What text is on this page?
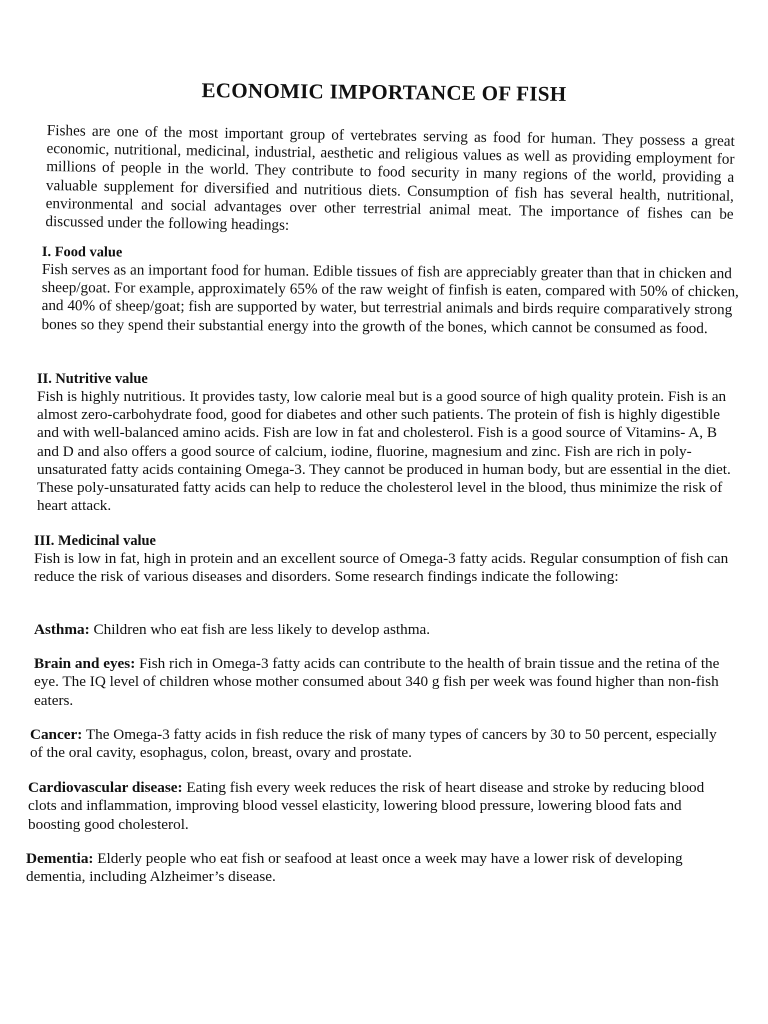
ECONOMIC IMPORTANCE OF FISH

Fishes are one of the most important group of vertebrates serving as food for human. They possess a great economic, nutritional, medicinal, industrial, aesthetic and religious values as well as providing employment for millions of people in the world. They contribute to food security in many regions of the world, providing a valuable supplement for diversified and nutritious diets. Consumption of fish has several health, nutritional, environmental and social advantages over other terrestrial animal meat. The importance of fishes can be discussed under the following headings:

I. Food value

Fish serves as an important food for human. Edible tissues of fish are appreciably greater than that in chicken and sheep/goat. For example, approximately 65% of the raw weight of finfish is eaten, compared with 50% of chicken, and 40% of sheep/goat; fish are supported by water, but terrestrial animals and birds require comparatively strong bones so they spend their substantial energy into the growth of the bones, which cannot be consumed as food.

II. Nutritive value

Fish is highly nutritious. It provides tasty, low calorie meal but is a good source of high quality protein. Fish is an almost zero-carbohydrate food, good for diabetes and other such patients. The protein of fish is highly digestible and with well-balanced amino acids. Fish are low in fat and cholesterol. Fish is a good source of Vitamins- A, B and D and also offers a good source of calcium, iodine, fluorine, magnesium and zinc. Fish are rich in poly-unsaturated fatty acids containing Omega-3. They cannot be produced in human body, but are essential in the diet. These poly-unsaturated fatty acids can help to reduce the cholesterol level in the blood, thus minimize the risk of heart attack.

III. Medicinal value

Fish is low in fat, high in protein and an excellent source of Omega-3 fatty acids. Regular consumption of fish can reduce the risk of various diseases and disorders. Some research findings indicate the following:

Asthma: Children who eat fish are less likely to develop asthma.

Brain and eyes: Fish rich in Omega-3 fatty acids can contribute to the health of brain tissue and the retina of the eye. The IQ level of children whose mother consumed about 340 g fish per week was found higher than non-fish eaters.

Cancer: The Omega-3 fatty acids in fish reduce the risk of many types of cancers by 30 to 50 percent, especially of the oral cavity, esophagus, colon, breast, ovary and prostate.

Cardiovascular disease: Eating fish every week reduces the risk of heart disease and stroke by reducing blood clots and inflammation, improving blood vessel elasticity, lowering blood pressure, lowering blood fats and boosting good cholesterol.

Dementia: Elderly people who eat fish or seafood at least once a week may have a lower risk of developing dementia, including Alzheimer’s disease.
